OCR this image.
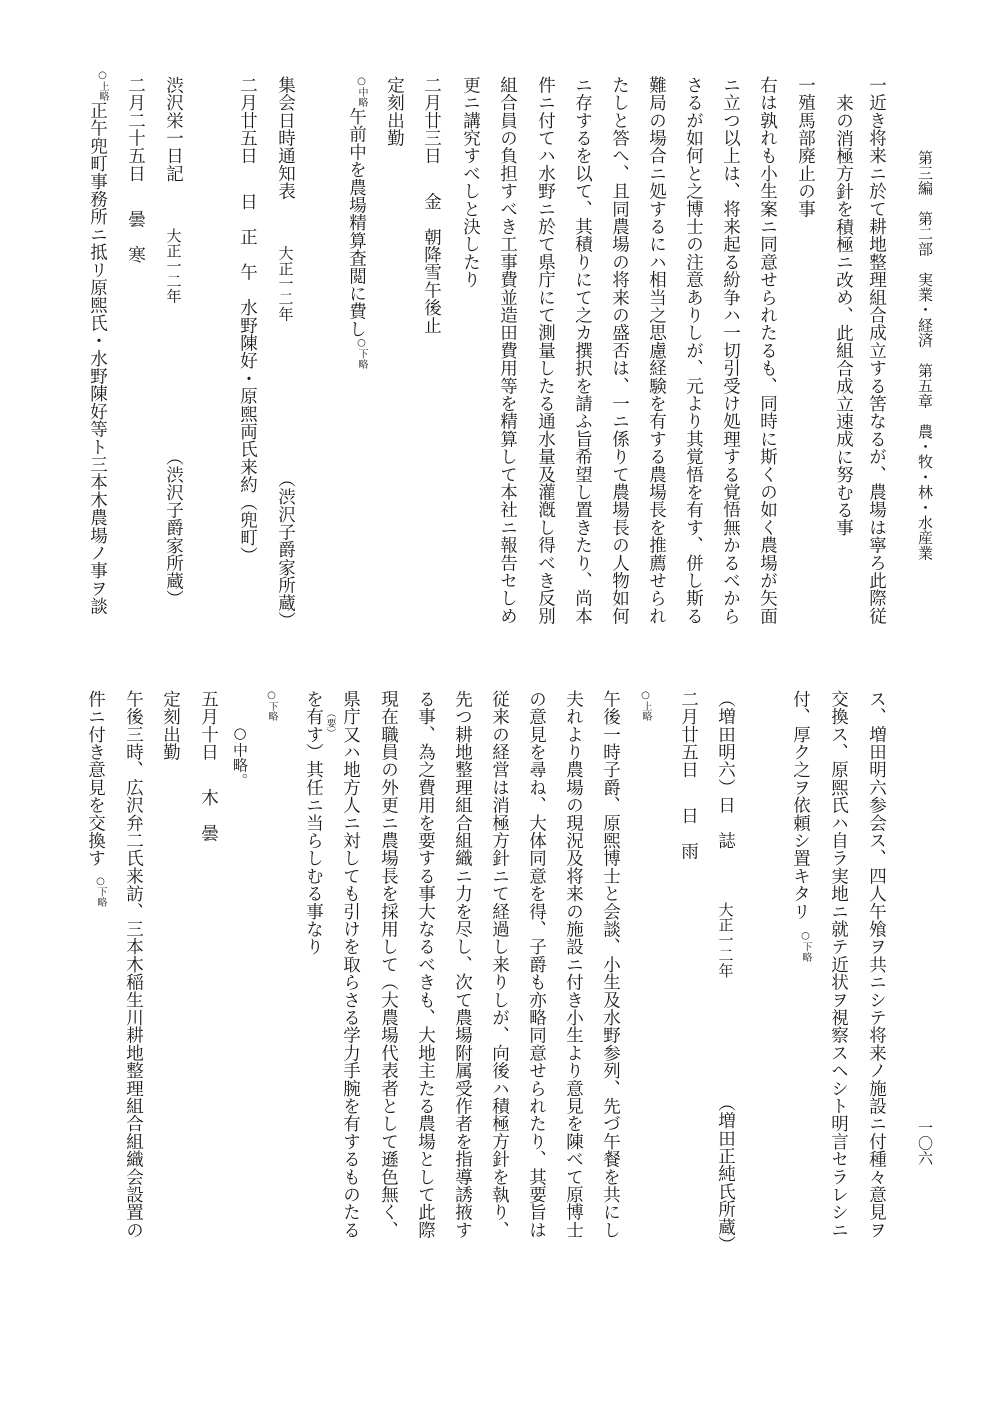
第三編　第二部　実業・経済　第五章　農・牧・林・水産業
一〇六
一近き将来ニ於て耕地整理組合成立する筈なるが、農場は寧ろ此際従
来の消極方針を積極ニ改め、此組合成立速成に努むる事
一殖馬部廃止の事
右は孰れも小生案ニ同意せられたるも、同時に斯くの如く農場が矢面
ニ立つ以上は、将来起る紛争ハ一切引受け処理する覚悟無かるべから
さるが如何と之博士の注意ありしが、元より其覚悟を有す、併し斯る
難局の場合ニ処するにハ相当之思慮経験を有する農場長を推薦せられ
たしと答へ、且同農場の将来の盛否は、一ニ係りて農場長の人物如何
ニ存するを以て、其積りにて之カ撰択を請ふ旨希望し置きたり、尚本
件ニ付てハ水野ニ於て県庁にて測量したる通水量及灌漑し得べき反別
組合員の負担すべき工事費並造田費用等を精算して本社ニ報告セしめ
更ニ講究すべしと決したり
二月廿三日金　朝降雪午後止
定刻出勤
○中略午前中を農場精算査閲に費し○下略
集会日時通知表大正一二年
（渋沢子爵家所蔵）
二月廿五日日　正　午　水野陳好・原煕両氏来約（兜町）
渋沢栄一日記大正一二年
（渋沢子爵家所蔵）
二月二十五日曇　寒
○上略正午兜町事務所ニ抵リ原煕氏・水野陳好等ト三本木農場ノ事ヲ談
ス、増田明六参会ス、四人午飧ヲ共ニシテ将来ノ施設ニ付種々意見ヲ
交換ス、原煕氏ハ自ラ実地ニ就テ近状ヲ視察スヘシト明言セラレシニ
付、厚ク之ヲ依頼シ置キタリ○下略
（増田明六）日　誌大正一二年
（増田正純氏所蔵）
二月廿五日日　雨
○上略
午後一時子爵、原煕博士と会談、小生及水野参列、先づ午餐を共にし
夫れより農場の現況及将来の施設ニ付き小生より意見を陳べて原博士
の意見を尋ね、大体同意を得、子爵も亦略同意せられたり、其要旨は
従来の経営は消極方針ニて経過し来りしが、向後ハ積極方針を執り、
先つ耕地整理組合組織ニ力を尽し、次て農場附属受作者を指導誘掖す
る事、為之費用を要する事大なるべきも、大地主たる農場として此際
現在職員の外更ニ農場長を採用して（大農場代表者として遜色無く、
県庁又ハ地方人ニ対しても引けを取らさる学力手腕を有するものたる
（要）
を有す）其任ニ当らしむる事なり
○下略
○中略。
五月十日木　曇
定刻出勤
午後三時、広沢弁二氏来訪、三本木稲生川耕地整理組合組織会設置の
件ニ付き意見を交換す○下略
